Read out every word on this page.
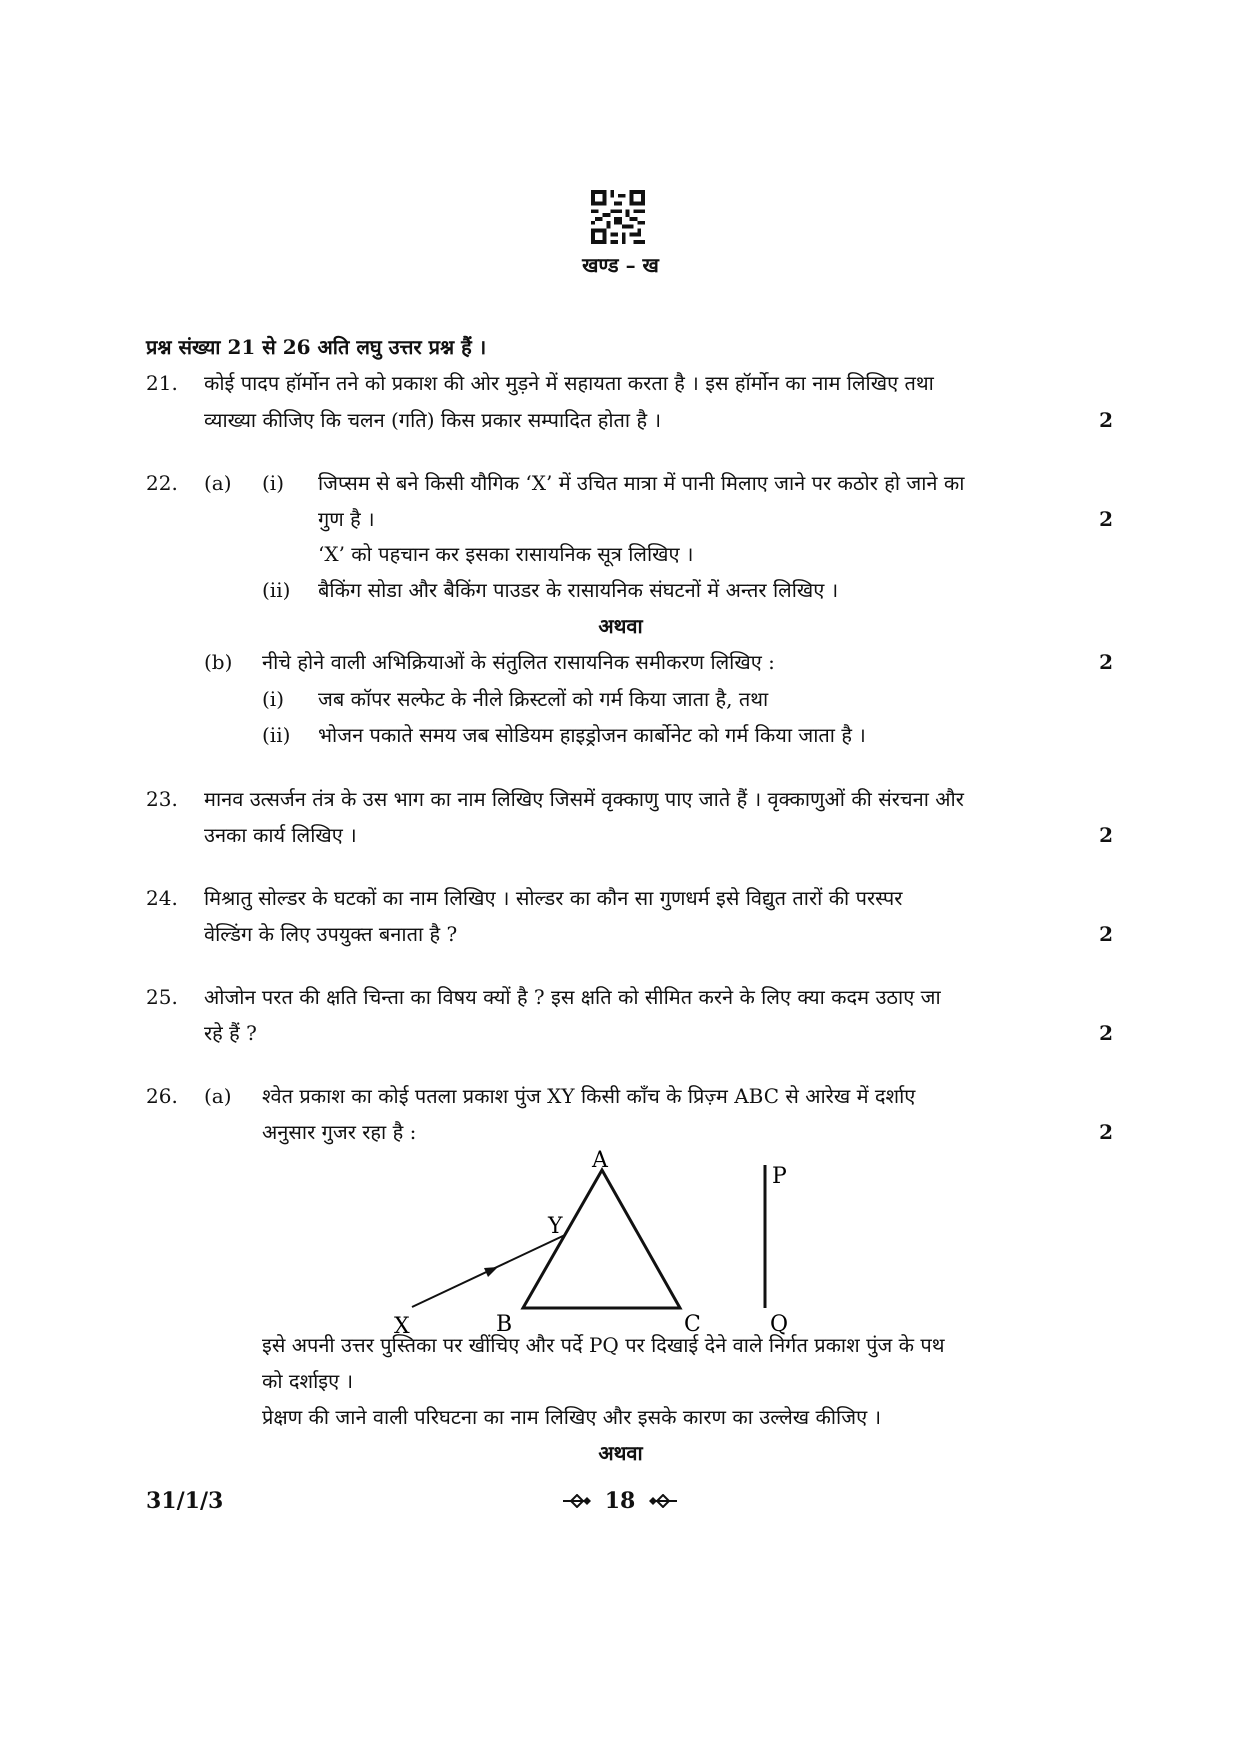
खण्ड – ख
प्रश्न संख्या 21 से 26 अति लघु उत्तर प्रश्न हैं ।
21. कोई पादप हॉर्मोन तने को प्रकाश की ओर मुड़ने में सहायता करता है । इस हॉर्मोन का नाम लिखिए तथा
व्याख्या कीजिए कि चलन (गति) किस प्रकार सम्पादित होता है ।	2
22. (a) (i) जिप्सम से बने किसी यौगिक ‘X’ में उचित मात्रा में पानी मिलाए जाने पर कठोर हो जाने का
गुण है ।	2
‘X’ को पहचान कर इसका रासायनिक सूत्र लिखिए ।
(ii) बैकिंग सोडा और बैकिंग पाउडर के रासायनिक संघटनों में अन्तर लिखिए ।
अथवा
(b) नीचे होने वाली अभिक्रियाओं के संतुलित रासायनिक समीकरण लिखिए :	2
(i) जब कॉपर सल्फेट के नीले क्रिस्टलों को गर्म किया जाता है, तथा
(ii) भोजन पकाते समय जब सोडियम हाइड्रोजन कार्बोनेट को गर्म किया जाता है ।
23. मानव उत्सर्जन तंत्र के उस भाग का नाम लिखिए जिसमें वृक्काणु पाए जाते हैं । वृक्काणुओं की संरचना और
उनका कार्य लिखिए ।	2
24. मिश्रातु सोल्डर के घटकों का नाम लिखिए । सोल्डर का कौन सा गुणधर्म इसे विद्युत तारों की परस्पर
वेल्डिंग के लिए उपयुक्त बनाता है ?	2
25. ओजोन परत की क्षति चिन्ता का विषय क्यों है ? इस क्षति को सीमित करने के लिए क्या कदम उठाए जा
रहे हैं ?	2
26. (a) श्वेत प्रकाश का कोई पतला प्रकाश पुंज XY किसी काँच के प्रिज़्म ABC से आरेख में दर्शाए
अनुसार गुजर रहा है :	2
A
Y
X	B	C
P
Q
इसे अपनी उत्तर पुस्तिका पर खींचिए और पर्दे PQ पर दिखाई देने वाले निर्गत प्रकाश पुंज के पथ
को दर्शाइए ।
प्रेक्षण की जाने वाली परिघटना का नाम लिखिए और इसके कारण का उल्लेख कीजिए ।
अथवा
31/1/3	18
